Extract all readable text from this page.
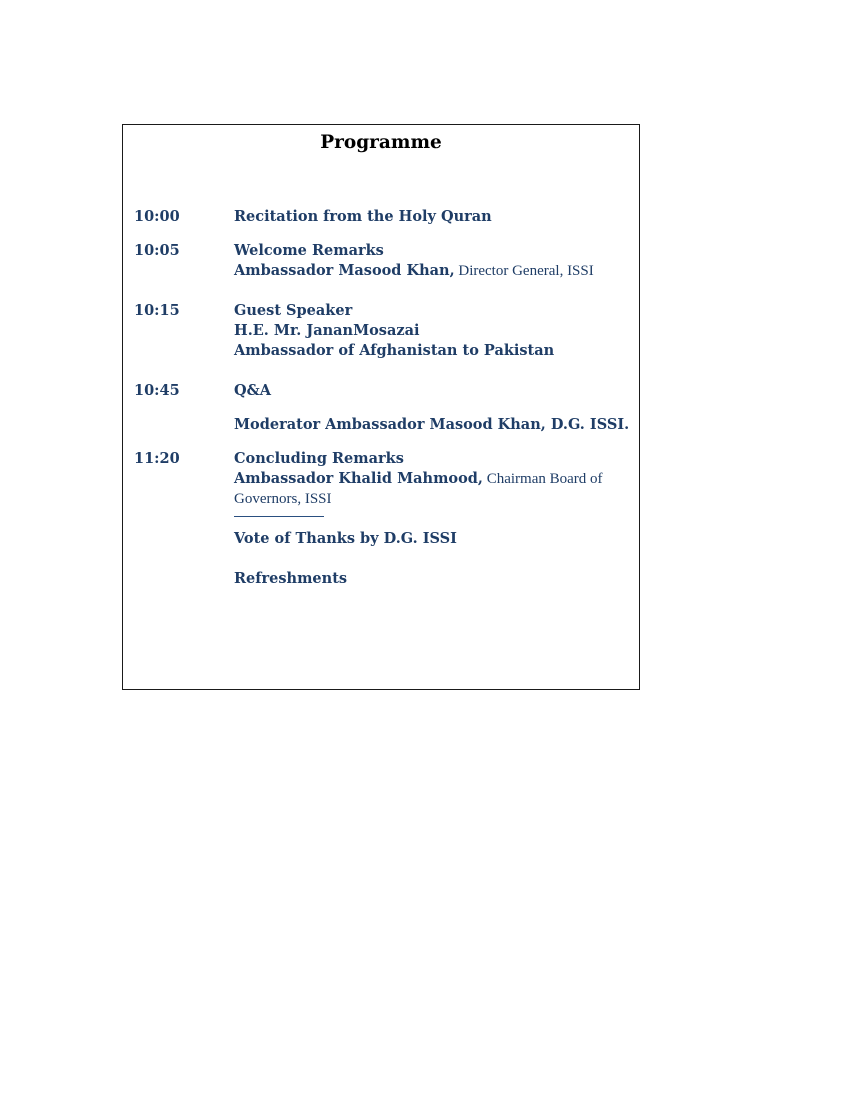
Programme
10:00	Recitation from the Holy Quran
10:05	Welcome Remarks
Ambassador Masood Khan, Director General, ISSI
10:15	Guest Speaker
H.E. Mr. JananMosazai
Ambassador of Afghanistan to Pakistan
10:45	Q&A
Moderator Ambassador Masood Khan, D.G. ISSI.
11:20	Concluding Remarks
Ambassador Khalid Mahmood, Chairman Board of
Governors, ISSI
Vote of Thanks by D.G. ISSI
Refreshments
